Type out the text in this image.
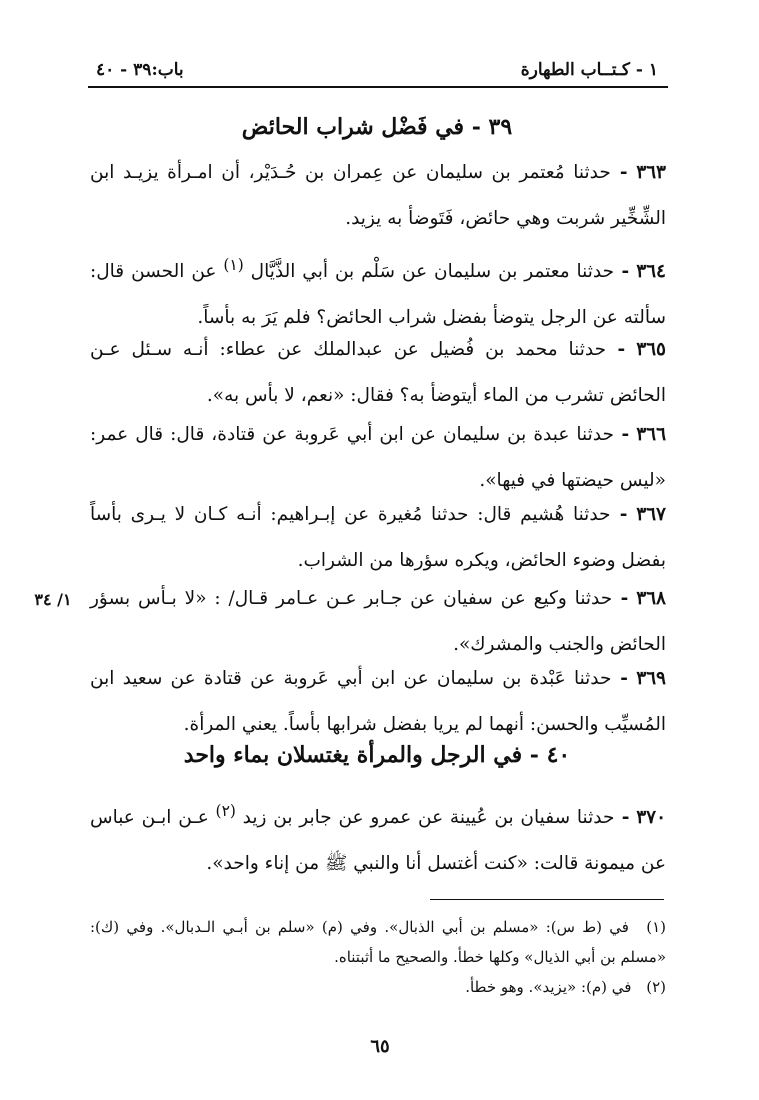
١ - كـتــاب الطهارة
باب:٣٩ - ٤٠
٣٩ - في فَضْل شراب الحائض
٣٦٣ - حدثنا مُعتمر بن سليمان عن عِمران بن حُـدَيْر، أن امـرأة يزيـد ابن الشِّخِّير شربت وهي حائض، فَتَوضأ به يزيد.
٣٦٤ - حدثنا معتمر بن سليمان عن سَلْم بن أبي الذَّيَّال $^{(١)}$ عن الحسن قال: سألته عن الرجل يتوضأ بفضل شراب الحائض؟ فلم يَرَ به بأساً.
٣٦٥ - حدثنا محمد بن فُضيل عن عبدالملك عن عطاء: أنـه سـئل عـن الحائض تشرب من الماء أيتوضأ به؟ فقال: «نعم، لا بأس به».
٣٦٦ - حدثنا عبدة بن سليمان عن ابن أبي عَروبة عن قتادة، قال: قال عمر: «ليس حيضتها في فيها».
٣٦٧ - حدثنا هُشيم قال: حدثنا مُغيرة عن إبـراهيم: أنـه كـان لا يـرى بأساً بفضل وضوء الحائض، ويكره سؤرها من الشراب.
٣٦٨ - حدثنا وكيع عن سفيان عن جـابر عـن عـامر قـال/ : «لا بـأس بسؤر الحائض والجنب والمشرك».
١/ ٣٤
٣٦٩ - حدثنا عَبْدة بن سليمان عن ابن أبي عَروبة عن قتادة عن سعيد ابن المُسيِّب والحسن: أنهما لم يريا بفضل شرابها بأساً. يعني المرأة.
٤٠ - في الرجل والمرأة يغتسلان بماء واحد
٣٧٠ - حدثنا سفيان بن عُيينة عن عمرو عن جابر بن زيد $^{(٢)}$ عـن ابـن عباس عن ميمونة قالت: «كنت أغتسل أنا والنبي ﷺ من إناء واحد».

(١) في (ط س): «مسلم بن أبي الذبال». وفي (م) «سلم بن أبـي الـدبال». وفي (ك): «مسلم بن أبي الذيال» وكلها خطأ. والصحيح ما أثبتناه.

(٢) في (م): «يزيد». وهو خطأ.

٦٥
